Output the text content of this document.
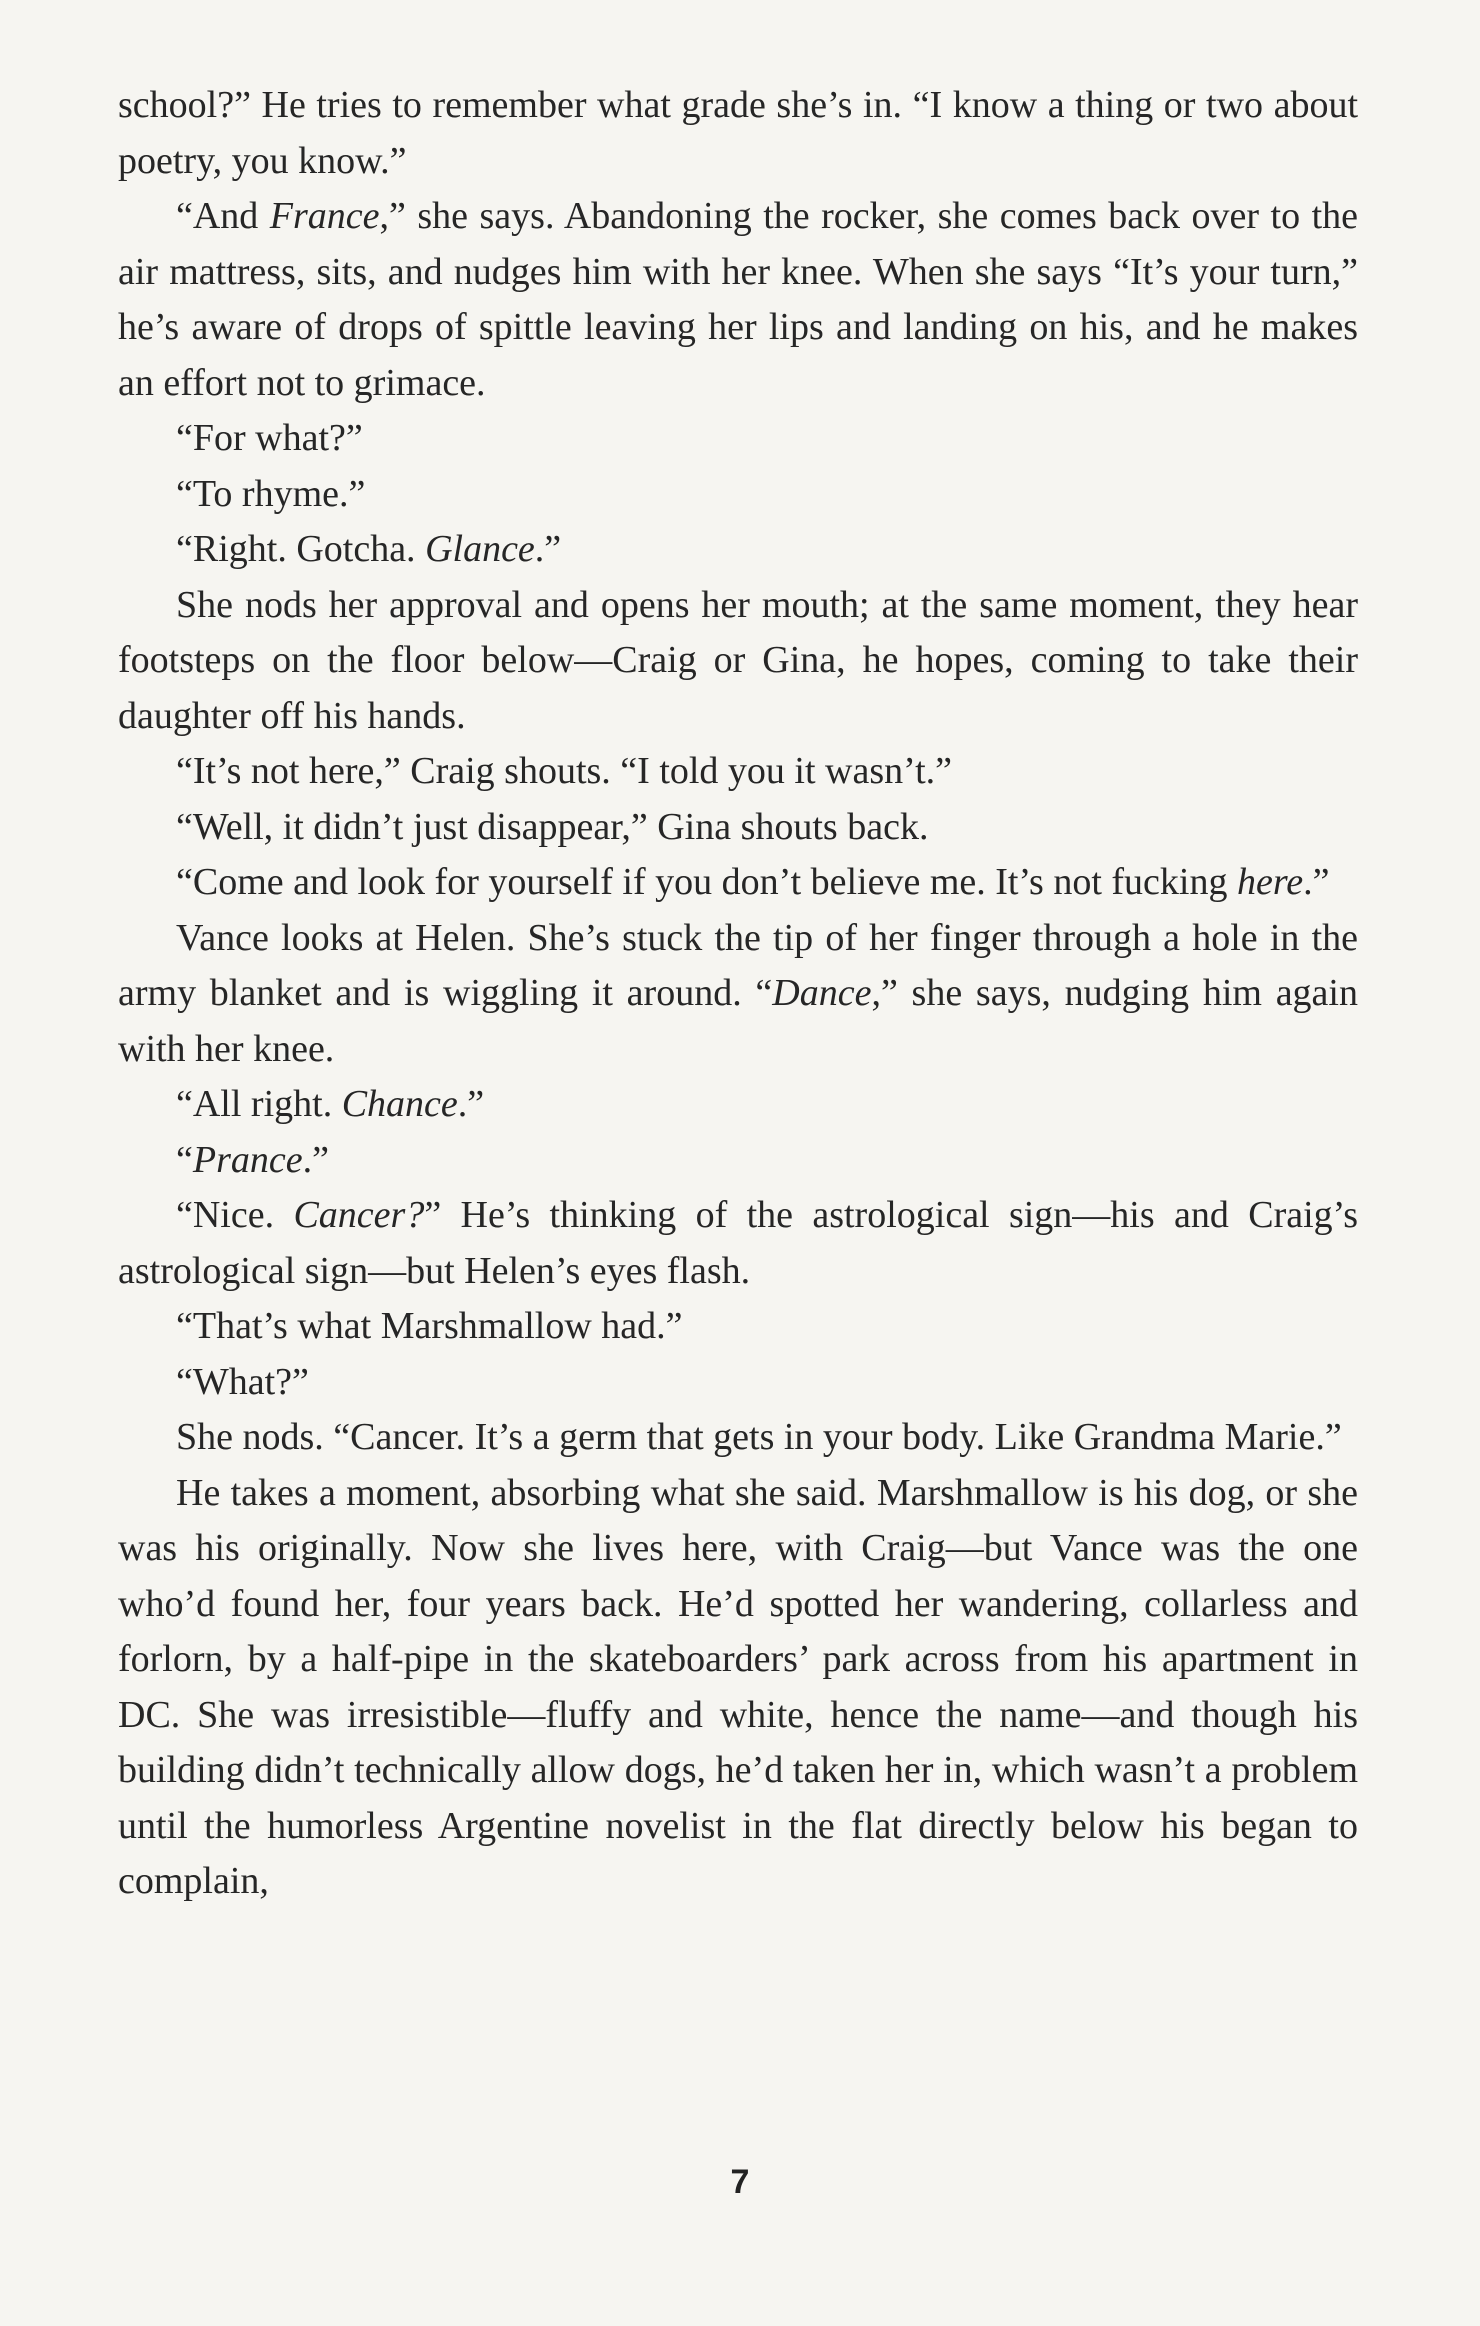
school?” He tries to remember what grade she’s in. “I know a thing or two about poetry, you know.”

“And France,” she says. Abandoning the rocker, she comes back over to the air mattress, sits, and nudges him with her knee. When she says “It’s your turn,” he’s aware of drops of spittle leaving her lips and landing on his, and he makes an effort not to grimace.

“For what?”

“To rhyme.”

“Right. Gotcha. Glance.”

She nods her approval and opens her mouth; at the same moment, they hear footsteps on the floor below—Craig or Gina, he hopes, coming to take their daughter off his hands.

“It’s not here,” Craig shouts. “I told you it wasn’t.”

“Well, it didn’t just disappear,” Gina shouts back.

“Come and look for yourself if you don’t believe me. It’s not fucking here.”

Vance looks at Helen. She’s stuck the tip of her finger through a hole in the army blanket and is wiggling it around. “Dance,” she says, nudging him again with her knee.

“All right. Chance.”

“Prance.”

“Nice. Cancer?” He’s thinking of the astrological sign—his and Craig’s astrological sign—but Helen’s eyes flash.

“That’s what Marshmallow had.”

“What?”

She nods. “Cancer. It’s a germ that gets in your body. Like Grandma Marie.”

He takes a moment, absorbing what she said. Marshmallow is his dog, or she was his originally. Now she lives here, with Craig—but Vance was the one who’d found her, four years back. He’d spotted her wandering, collarless and forlorn, by a half-pipe in the skateboarders’ park across from his apartment in DC. She was irresistible—fluffy and white, hence the name—and though his building didn’t technically allow dogs, he’d taken her in, which wasn’t a problem until the humorless Argentine novelist in the flat directly below his began to complain,

7
